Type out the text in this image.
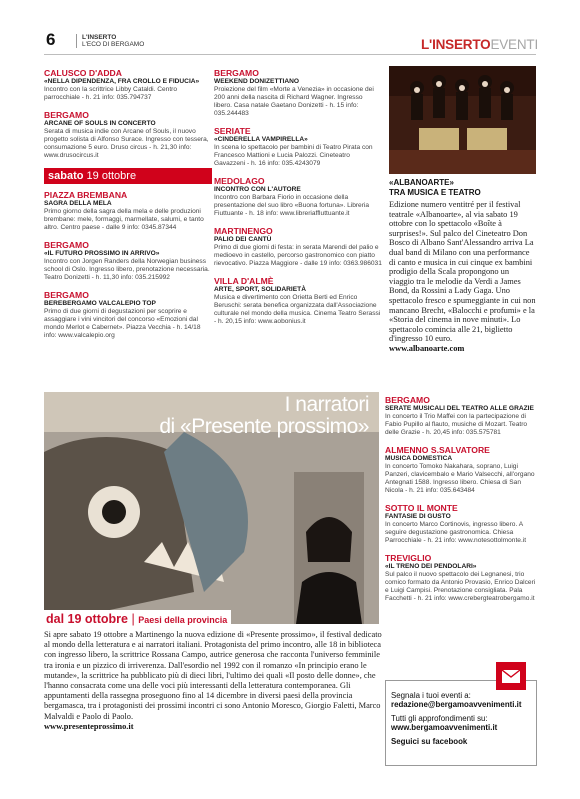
6	L'INSERTO
L'ECO DI BERGAMO	L'INSERTOEVENTI
CALUSCO D'ADDA
«NELLA DIPENDENZA, FRA CROLLO E FIDUCIA»
Incontro con la scrittrice Libby Cataldi. Centro parrocchiale - h. 21 info: 035.794737
BERGAMO
ARCANE OF SOULS IN CONCERTO
Serata di musica indie con Arcane of Souls, il nuovo progetto solista di Alfonso Surace. Ingresso con tessera, consumazione 5 euro. Druso circus - h. 21,30 info: www.drusocircus.it
sabato 19 ottobre
PIAZZA BREMBANA
SAGRA DELLA MELA
Primo giorno della sagra della mela e delle produzioni brembane: mele, formaggi, marmellate, salumi, e tanto altro. Centro paese - dalle 9 info: 0345.87344
BERGAMO
«IL FUTURO PROSSIMO IN ARRIVO»
Incontro con Jorgen Randers della Norwegian business school di Oslo. Ingresso libero, prenotazione necessaria. Teatro Donizetti - h. 11,30 info: 035.215992
BERGAMO
BEREBERGAMO VALCALEPIO TOP
Primo di due giorni di degustazioni per scoprire e assaggiare i vini vincitori del concorso «Emozioni dal mondo Merlot e Cabernet». Piazza Vecchia - h. 14/18 info: www.valcalepio.org
BERGAMO
WEEKEND DONIZETTIANO
Proiezione del film «Morte a Venezia» in occasione dei 200 anni della nascita di Richard Wagner. Ingresso libero. Casa natale Gaetano Donizetti - h. 15 info: 035.244483
SERIATE
«CINDERELLA VAMPIRELLA»
In scena lo spettacolo per bambini di Teatro Pirata con Francesco Mattioni e Lucia Palozzi. Cineteatro Gavazzeni - h. 16 info: 035.4243079
MEDOLAGO
INCONTRO CON L'AUTORE
Incontro con Barbara Fiorio in occasione della presentazione del suo libro «Buona fortuna». Libreria Fiuttuante - h. 18 info: www.libreriaffluttuante.it
MARTINENGO
PALIO DEI CANTÙ
Primo di due giorni di festa: in serata Marendi del palio e medioevo in castello, percorso gastronomico con piatto rievocativo. Piazza Maggiore - dalle 19 info: 0363.986031
VILLA D'ALMÈ
ARTE, SPORT, SOLIDARIETÀ
Musica e divertimento con Orietta Berti ed Enrico Beruschi: serata benefica organizzata dall'Associazione culturale nel mondo della musica. Cinema Teatro Serassi - h. 20,15 info: www.aobonius.it
«ALBANOARTE»
TRA MUSICA E TEATRO
Edizione numero ventitré per il festival teatrale «Albanoarte», al via sabato 19 ottobre con lo spettacolo «Boîte à surprises!». Sul palco del Cineteatro Don Bosco di Albano Sant'Alessandro arriva La dual band di Milano con una performance di canto e musica in cui cinque ex bambini prodigio della Scala propongono un viaggio tra le melodie da Verdi a James Bond, da Rossini a Lady Gaga. Uno spettacolo fresco e spumeggiante in cui non mancano Brecht, «Balocchi e profumi» e la «Storia del cinema in nove minuti». Lo spettacolo comincia alle 21, biglietto d'ingresso 10 euro.
www.albanoarte.com
BERGAMO
SERATE MUSICALI DEL TEATRO ALLE GRAZIE
In concerto il Trio Maffei con la partecipazione di Fabio Pupillo al flauto, musiche di Mozart. Teatro delle Grazie - h. 20,45 info: 035.575781
ALMENNO S.SALVATORE
MUSICA DOMESTICA
In concerto Tomoko Nakahara, soprano, Luigi Panzeri, clavicembalo e Mario Valsecchi, all'organo Antegnati 1588. Ingresso libero. Chiesa di San Nicola - h. 21 info: 035.643484
SOTTO IL MONTE
FANTASIE DI GUSTO
In concerto Marco Cortinovis, ingresso libero. A seguire degustazione gastronomica. Chiesa Parrocchiale - h. 21 info: www.notesottolmonte.it
TREVIGLIO
«IL TRENO DEI PENDOLARI»
Sul palco il nuovo spettacolo dei Legnanesi, trio comico formato da Antonio Provasio, Enrico Dalceri e Luigi Campisi. Prenotazione consigliata. Pala Facchetti - h. 21 info: www.crebergteatrobergamo.it
I narratori
di «Presente prossimo»
dal 19 ottobre | Paesi della provincia
Si apre sabato 19 ottobre a Martinengo la nuova edizione di «Presente prossimo», il festival dedicato al mondo della letteratura e ai narratori italiani. Protagonista del primo incontro, alle 18 in biblioteca con ingresso libero, la scrittrice Rossana Campo, autrice generosa che racconta l'universo femminile tra ironia e un pizzico di irriverenza. Dall'esordio nel 1992 con il romanzo «In principio erano le mutande», la scrittrice ha pubblicato più di dieci libri, l'ultimo dei quali «Il posto delle donne», che l'hanno consacrata come una delle voci più interessanti della letteratura contemporanea. Gli appuntamenti della rassegna proseguono fino al 14 dicembre in diversi paesi della provincia bergamasca, tra i protagonisti dei prossimi incontri ci sono Antonio Moresco, Giorgio Faletti, Marco Malvaldi e Paolo di Paolo.
www.presenteprossimo.it
Segnala i tuoi eventi a:
redazione@bergamoavvenimenti.it
Tutti gli approfondimenti su:
www.bergamoavvenimenti.it
Seguici su facebook
